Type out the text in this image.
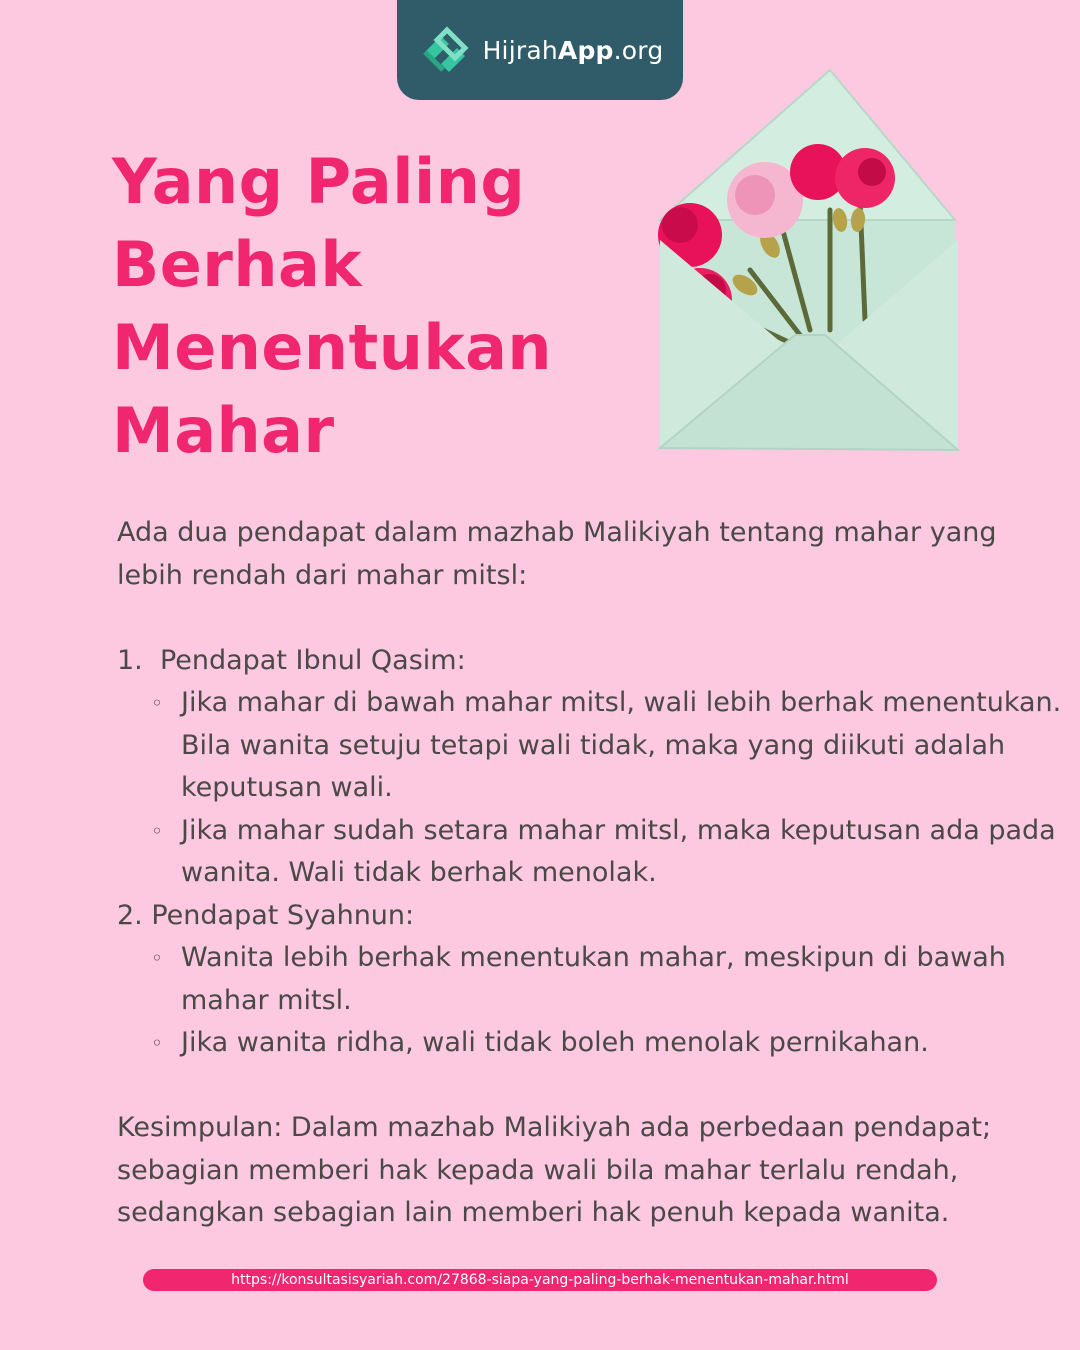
HijrahApp.org
Yang Paling
Berhak
Menentukan
Mahar

Ada dua pendapat dalam mazhab Malikiyah tentang mahar yang lebih rendah dari mahar mitsl:

1. Pendapat Ibnul Qasim:
◦ Jika mahar di bawah mahar mitsl, wali lebih berhak menentukan. Bila wanita setuju tetapi wali tidak, maka yang diikuti adalah keputusan wali.
◦ Jika mahar sudah setara mahar mitsl, maka keputusan ada pada wanita. Wali tidak berhak menolak.
2. Pendapat Syahnun:
◦ Wanita lebih berhak menentukan mahar, meskipun di bawah mahar mitsl.
◦ Jika wanita ridha, wali tidak boleh menolak pernikahan.

Kesimpulan: Dalam mazhab Malikiyah ada perbedaan pendapat; sebagian memberi hak kepada wali bila mahar terlalu rendah, sedangkan sebagian lain memberi hak penuh kepada wanita.

https://konsultasisyariah.com/27868-siapa-yang-paling-berhak-menentukan-mahar.html
